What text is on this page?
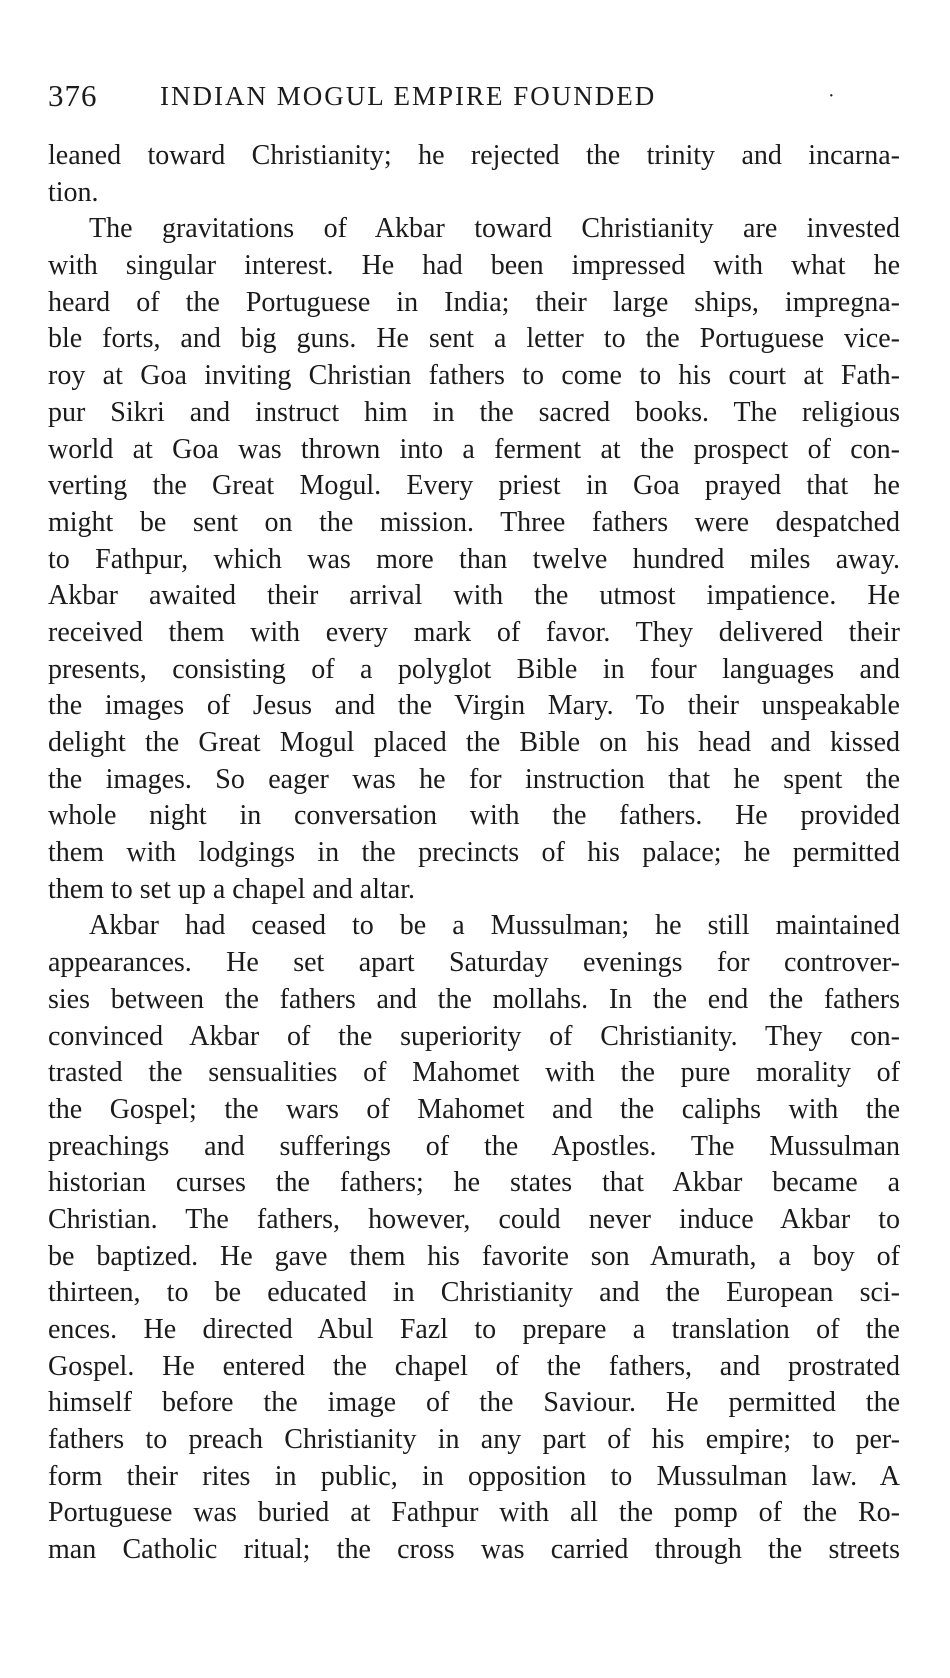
376 INDIAN MOGUL EMPIRE FOUNDED	·
leaned toward Christianity; he rejected the trinity and incarna-
tion.
The gravitations of Akbar toward Christianity are invested
with singular interest. He had been impressed with what he
heard of the Portuguese in India; their large ships, impregna-
ble forts, and big guns. He sent a letter to the Portuguese vice-
roy at Goa inviting Christian fathers to come to his court at Fath-
pur Sikri and instruct him in the sacred books. The religious
world at Goa was thrown into a ferment at the prospect of con-
verting the Great Mogul. Every priest in Goa prayed that he
might be sent on the mission. Three fathers were despatched
to Fathpur, which was more than twelve hundred miles away.
Akbar awaited their arrival with the utmost impatience. He
received them with every mark of favor. They delivered their
presents, consisting of a polyglot Bible in four languages and
the images of Jesus and the Virgin Mary. To their unspeakable
delight the Great Mogul placed the Bible on his head and kissed
the images. So eager was he for instruction that he spent the
whole night in conversation with the fathers. He provided
them with lodgings in the precincts of his palace; he permitted
them to set up a chapel and altar.
Akbar had ceased to be a Mussulman; he still maintained
appearances. He set apart Saturday evenings for controver-
sies between the fathers and the mollahs. In the end the fathers
convinced Akbar of the superiority of Christianity. They con-
trasted the sensualities of Mahomet with the pure morality of
the Gospel; the wars of Mahomet and the caliphs with the
preachings and sufferings of the Apostles. The Mussulman
historian curses the fathers; he states that Akbar became a
Christian. The fathers, however, could never induce Akbar to
be baptized. He gave them his favorite son Amurath, a boy of
thirteen, to be educated in Christianity and the European sci-
ences. He directed Abul Fazl to prepare a translation of the
Gospel. He entered the chapel of the fathers, and prostrated
himself before the image of the Saviour. He permitted the
fathers to preach Christianity in any part of his empire; to per-
form their rites in public, in opposition to Mussulman law. A
Portuguese was buried at Fathpur with all the pomp of the Ro-
man Catholic ritual; the cross was carried through the streets
